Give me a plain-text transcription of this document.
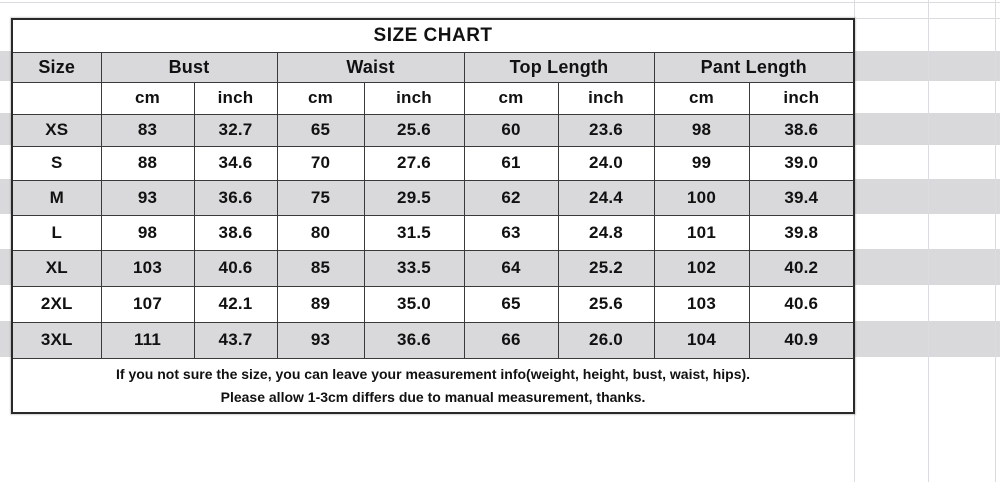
SIZE CHART								
Size	Bust		Waist		Top Length		Pant Length	
	cm	inch	cm	inch	cm	inch	cm	inch
XS	83	32.7	65	25.6	60	23.6	98	38.6
S	88	34.6	70	27.6	61	24.0	99	39.0
M	93	36.6	75	29.5	62	24.4	100	39.4
L	98	38.6	80	31.5	63	24.8	101	39.8
XL	103	40.6	85	33.5	64	25.2	102	40.2
2XL	107	42.1	89	35.0	65	25.6	103	40.6
3XL	111	43.7	93	36.6	66	26.0	104	40.9

If you not sure the size, you can leave your measurement info(weight, height, bust, waist, hips).
Please allow 1-3cm differs due to manual measurement, thanks.								
